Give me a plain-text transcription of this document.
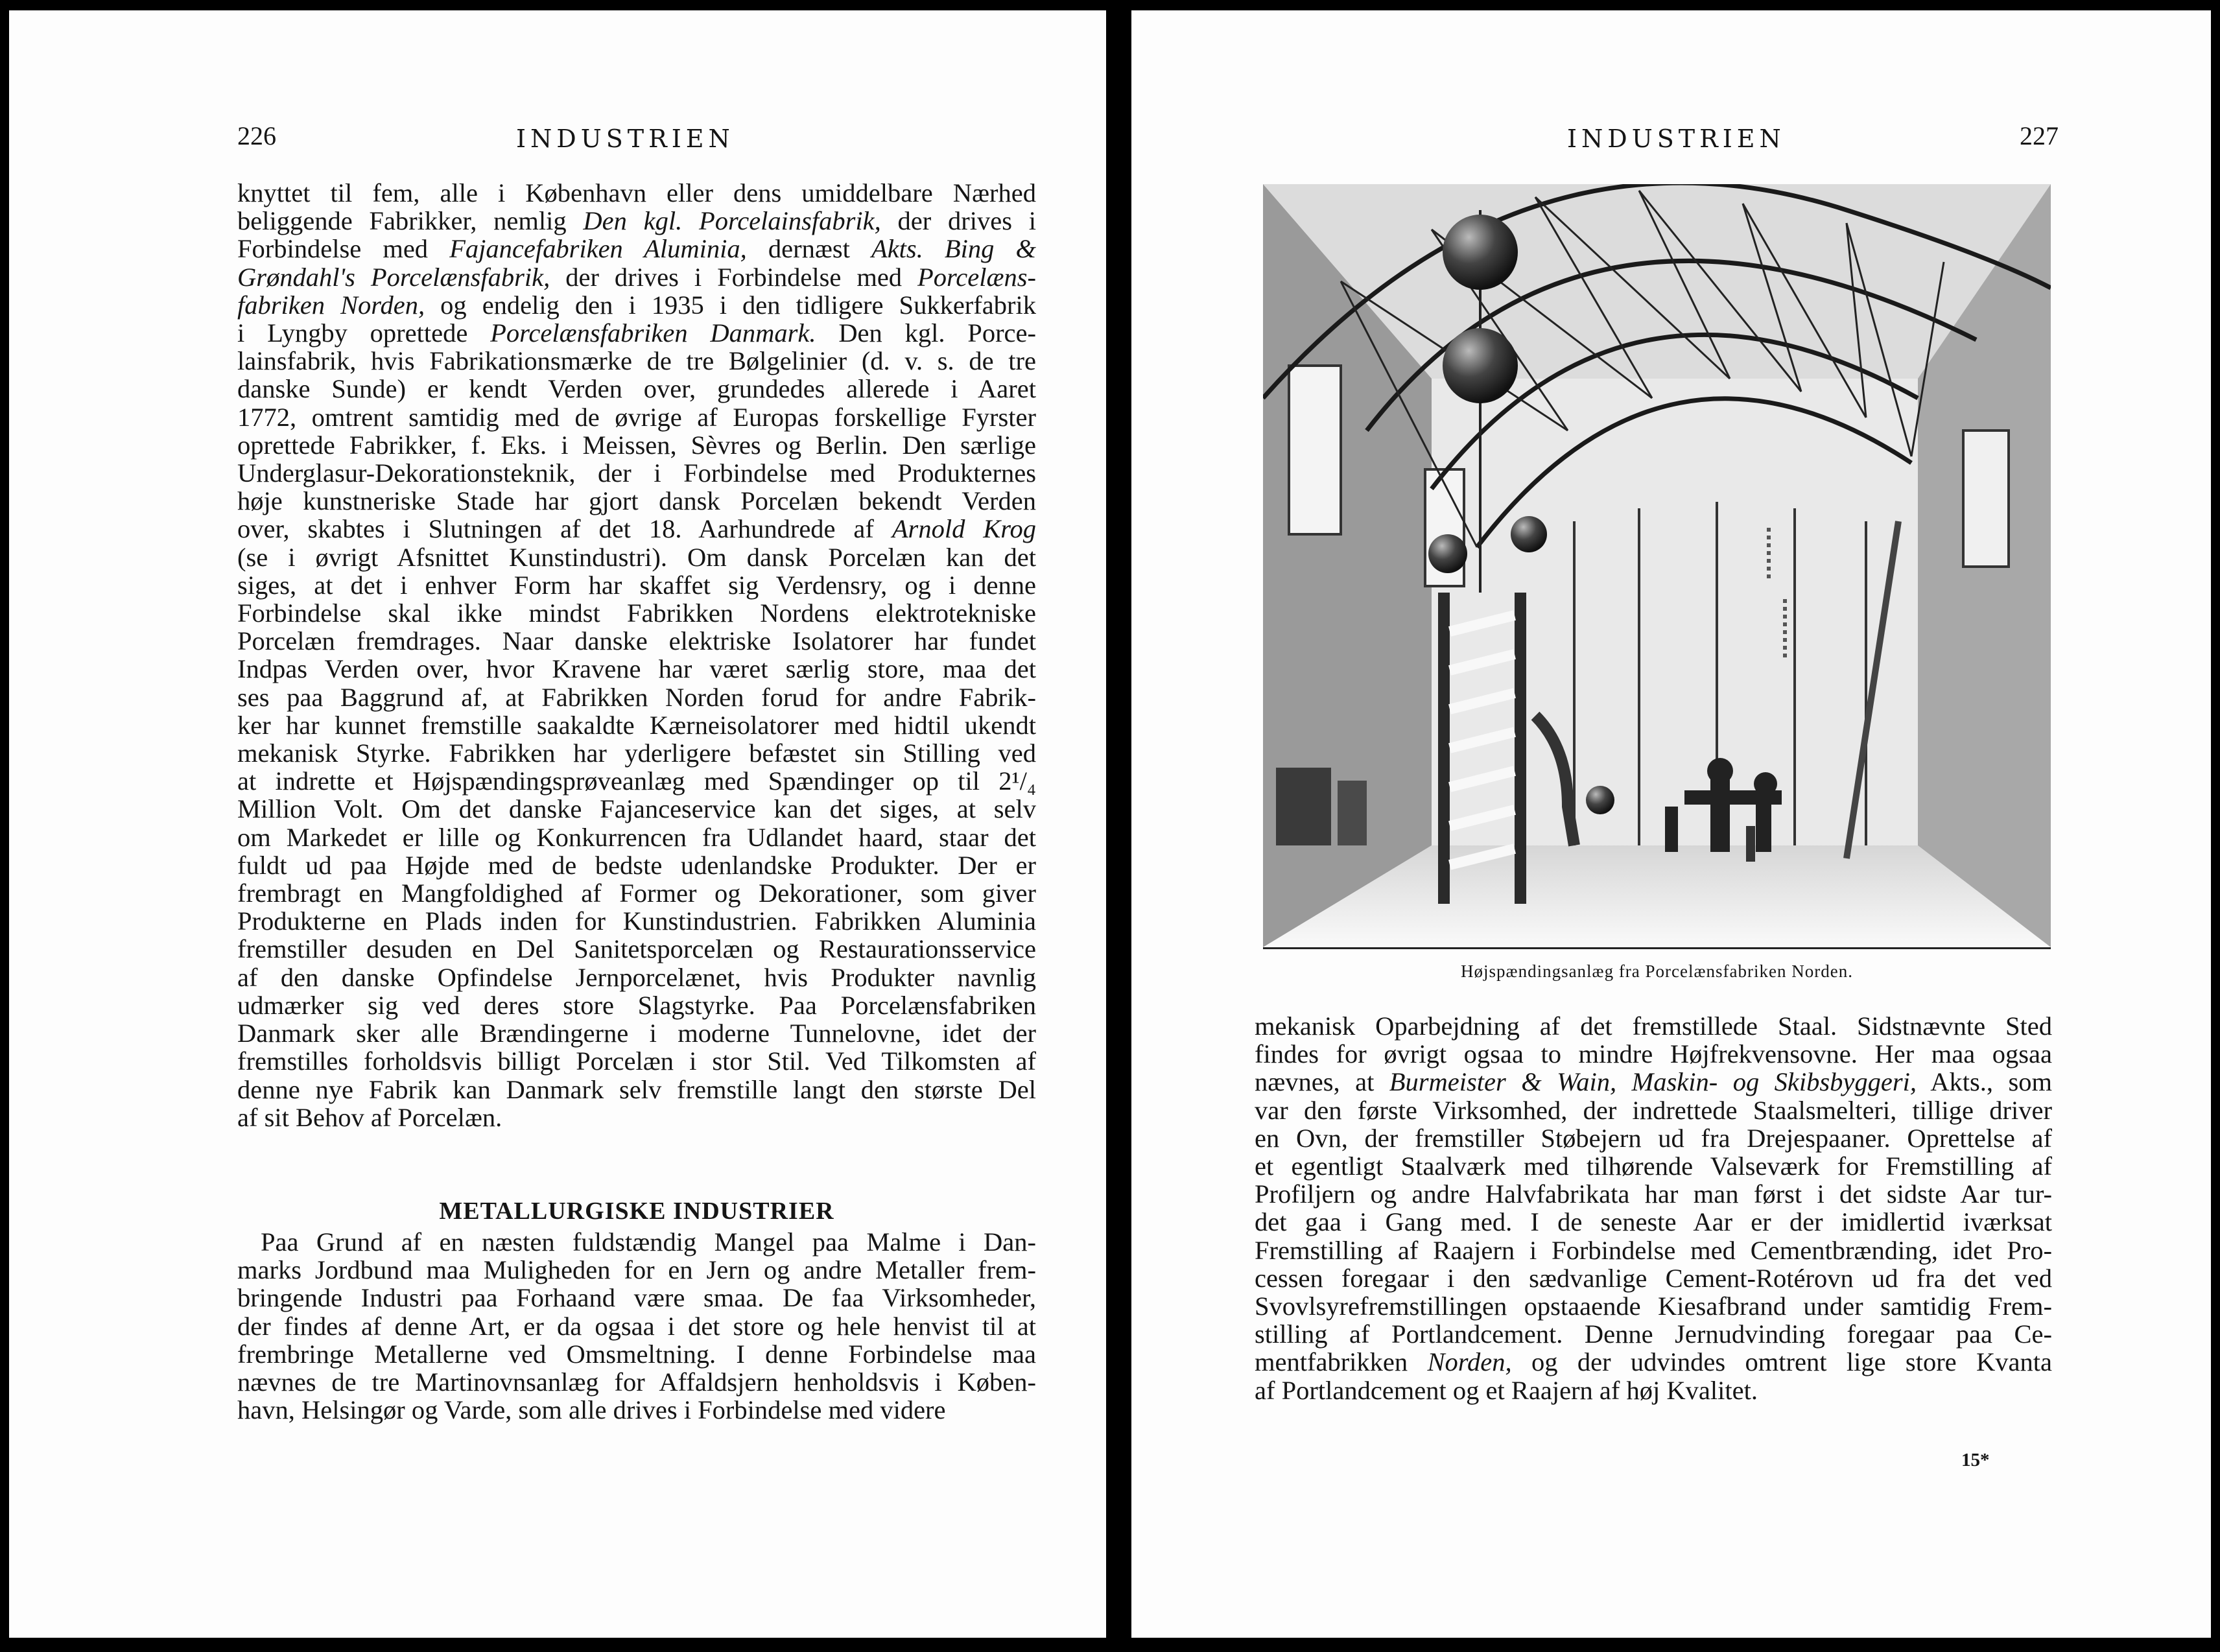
226	INDUSTRIEN
knyttet til fem, alle i København eller dens umiddelbare Nærhed
beliggende Fabrikker, nemlig Den kgl. Porcelainsfabrik, der drives i
Forbindelse med Fajancefabriken Aluminia, dernæst Akts. Bing &
Grøndahl's Porcelænsfabrik, der drives i Forbindelse med Porcelæns-
fabriken Norden, og endelig den i 1935 i den tidligere Sukkerfabrik
i Lyngby oprettede Porcelænsfabriken Danmark. Den kgl. Porce-
lainsfabrik, hvis Fabrikationsmærke de tre Bølgelinier (d. v. s. de tre
danske Sunde) er kendt Verden over, grundedes allerede i Aaret
1772, omtrent samtidig med de øvrige af Europas forskellige Fyrster
oprettede Fabrikker, f. Eks. i Meissen, Sèvres og Berlin. Den særlige
Underglasur-Dekorationsteknik, der i Forbindelse med Produkternes
høje kunstneriske Stade har gjort dansk Porcelæn bekendt Verden
over, skabtes i Slutningen af det 18. Aarhundrede af Arnold Krog
(se i øvrigt Afsnittet Kunstindustri). Om dansk Porcelæn kan det
siges, at det i enhver Form har skaffet sig Verdensry, og i denne
Forbindelse skal ikke mindst Fabrikken Nordens elektrotekniske
Porcelæn fremdrages. Naar danske elektriske Isolatorer har fundet
Indpas Verden over, hvor Kravene har været særlig store, maa det
ses paa Baggrund af, at Fabrikken Norden forud for andre Fabrik-
ker har kunnet fremstille saakaldte Kærneisolatorer med hidtil ukendt
mekanisk Styrke. Fabrikken har yderligere befæstet sin Stilling ved
at indrette et Højspændingsprøveanlæg med Spændinger op til 2¹/₄
Million Volt. Om det danske Fajanceservice kan det siges, at selv
om Markedet er lille og Konkurrencen fra Udlandet haard, staar det
fuldt ud paa Højde med de bedste udenlandske Produkter. Der er
frembragt en Mangfoldighed af Former og Dekorationer, som giver
Produkterne en Plads inden for Kunstindustrien. Fabrikken Aluminia
fremstiller desuden en Del Sanitetsporcelæn og Restaurationsservice
af den danske Opfindelse Jernporcelænet, hvis Produkter navnlig
udmærker sig ved deres store Slagstyrke. Paa Porcelænsfabriken
Danmark sker alle Brændingerne i moderne Tunnelovne, idet der
fremstilles forholdsvis billigt Porcelæn i stor Stil. Ved Tilkomsten af
denne nye Fabrik kan Danmark selv fremstille langt den største Del
af sit Behov af Porcelæn.
METALLURGISKE INDUSTRIER
Paa Grund af en næsten fuldstændig Mangel paa Malme i Dan-
marks Jordbund maa Muligheden for en Jern og andre Metaller frem-
bringende Industri paa Forhaand være smaa. De faa Virksomheder,
der findes af denne Art, er da ogsaa i det store og hele henvist til at
frembringe Metallerne ved Omsmeltning. I denne Forbindelse maa
nævnes de tre Martinovnsanlæg for Affaldsjern henholdsvis i Køben-
havn, Helsingør og Varde, som alle drives i Forbindelse med videre
INDUSTRIEN	227

Højspændingsanlæg fra Porcelænsfabriken Norden.

mekanisk Oparbejdning af det fremstillede Staal. Sidstnævnte Sted
findes for øvrigt ogsaa to mindre Højfrekvensovne. Her maa ogsaa
nævnes, at Burmeister & Wain, Maskin- og Skibsbyggeri, Akts., som
var den første Virksomhed, der indrettede Staalsmelteri, tillige driver
en Ovn, der fremstiller Støbejern ud fra Drejespaaner. Oprettelse af
et egentligt Staalværk med tilhørende Valseværk for Fremstilling af
Profiljern og andre Halvfabrikata har man først i det sidste Aar tur-
det gaa i Gang med. I de seneste Aar er der imidlertid iværksat
Fremstilling af Raajern i Forbindelse med Cementbrænding, idet Pro-
cessen foregaar i den sædvanlige Cement-Rotérovn ud fra det ved
Svovlsyrefremstillingen opstaaende Kiesafbrand under samtidig Frem-
stilling af Portlandcement. Denne Jernudvinding foregaar paa Ce-
mentfabrikken Norden, og der udvindes omtrent lige store Kvanta
af Portlandcement og et Raajern af høj Kvalitet.
15*
